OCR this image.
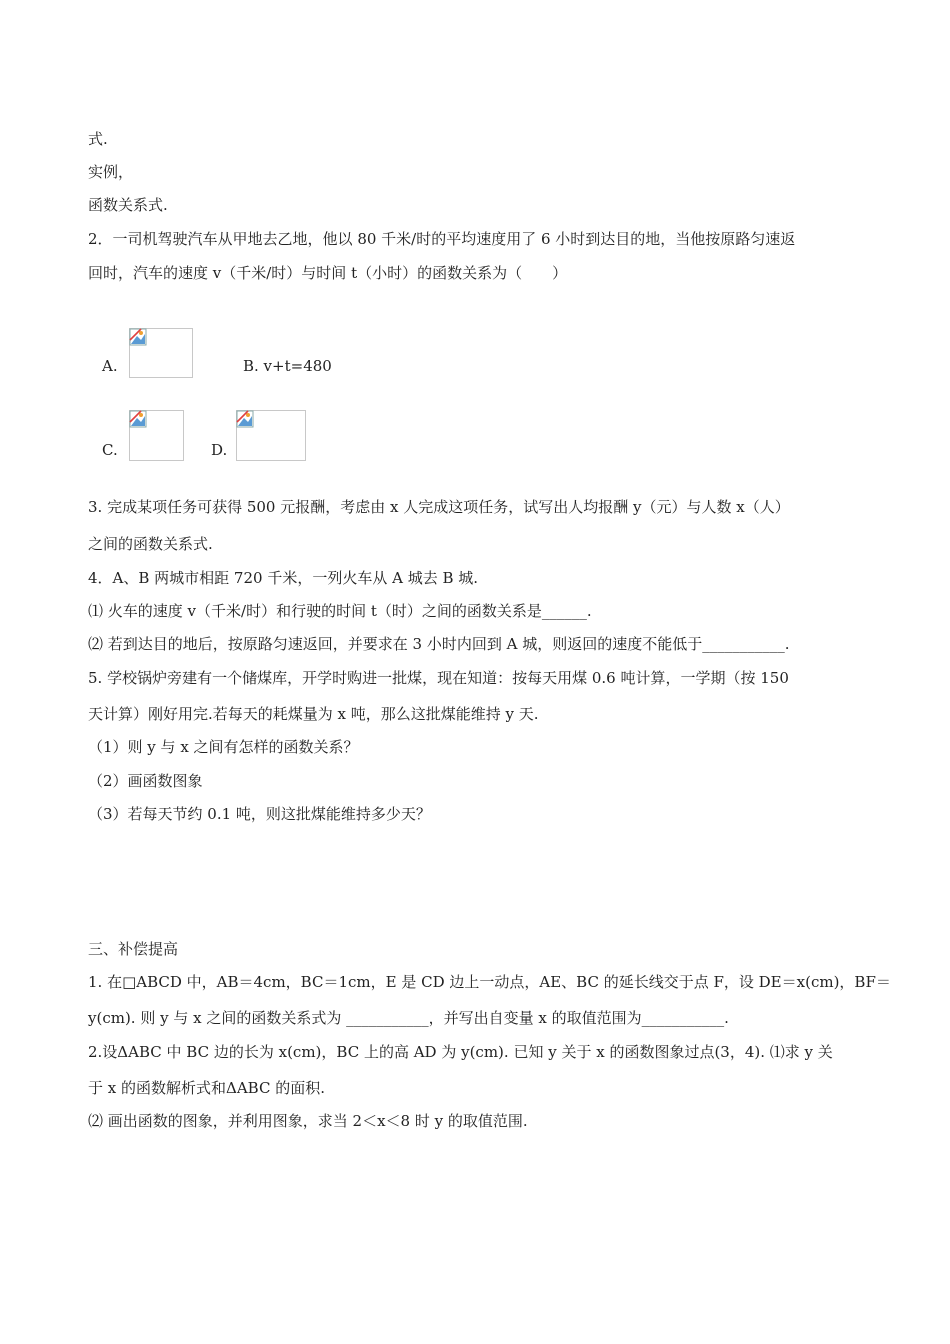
式.
实例，
函数关系式.
2．一司机驾驶汽车从甲地去乙地，他以 80 千米/时的平均速度用了 6 小时到达目的地，当他按原路匀速返
回时，汽车的速度 v（千米/时）与时间 t（小时）的函数关系为（　　）
A.	B. v+t=480
C.	D.
3. 完成某项任务可获得 500 元报酬，考虑由 x 人完成这项任务，试写出人均报酬 y（元）与人数 x（人）
之间的函数关系式.
4．A、B 两城市相距 720 千米，一列火车从 A 城去 B 城.
⑴ 火车的速度 v（千米/时）和行驶的时间 t（时）之间的函数关系是______.
⑵ 若到达目的地后，按原路匀速返回，并要求在 3 小时内回到 A 城，则返回的速度不能低于___________.
5. 学校锅炉旁建有一个储煤库，开学时购进一批煤，现在知道：按每天用煤 0.6 吨计算，一学期（按 150
天计算）刚好用完.若每天的耗煤量为 x 吨，那么这批煤能维持 y 天.
（1）则 y 与 x 之间有怎样的函数关系？
（2）画函数图象
（3）若每天节约 0.1 吨，则这批煤能维持多少天？
三、补偿提高
1. 在□ABCD 中，AB＝4cm，BC＝1cm，E 是 CD 边上一动点，AE、BC 的延长线交于点 F，设 DE＝x(cm)，BF＝
y(cm). 则 y 与 x 之间的函数关系式为 ___________，并写出自变量 x 的取值范围为___________.
2.设ΔABC 中 BC 边的长为 x(cm)，BC 上的高 AD 为 y(cm). 已知 y 关于 x 的函数图象过点(3，4). ⑴求 y 关
于 x 的函数解析式和ΔABC 的面积.
⑵ 画出函数的图象，并利用图象，求当 2＜x＜8 时 y 的取值范围.
